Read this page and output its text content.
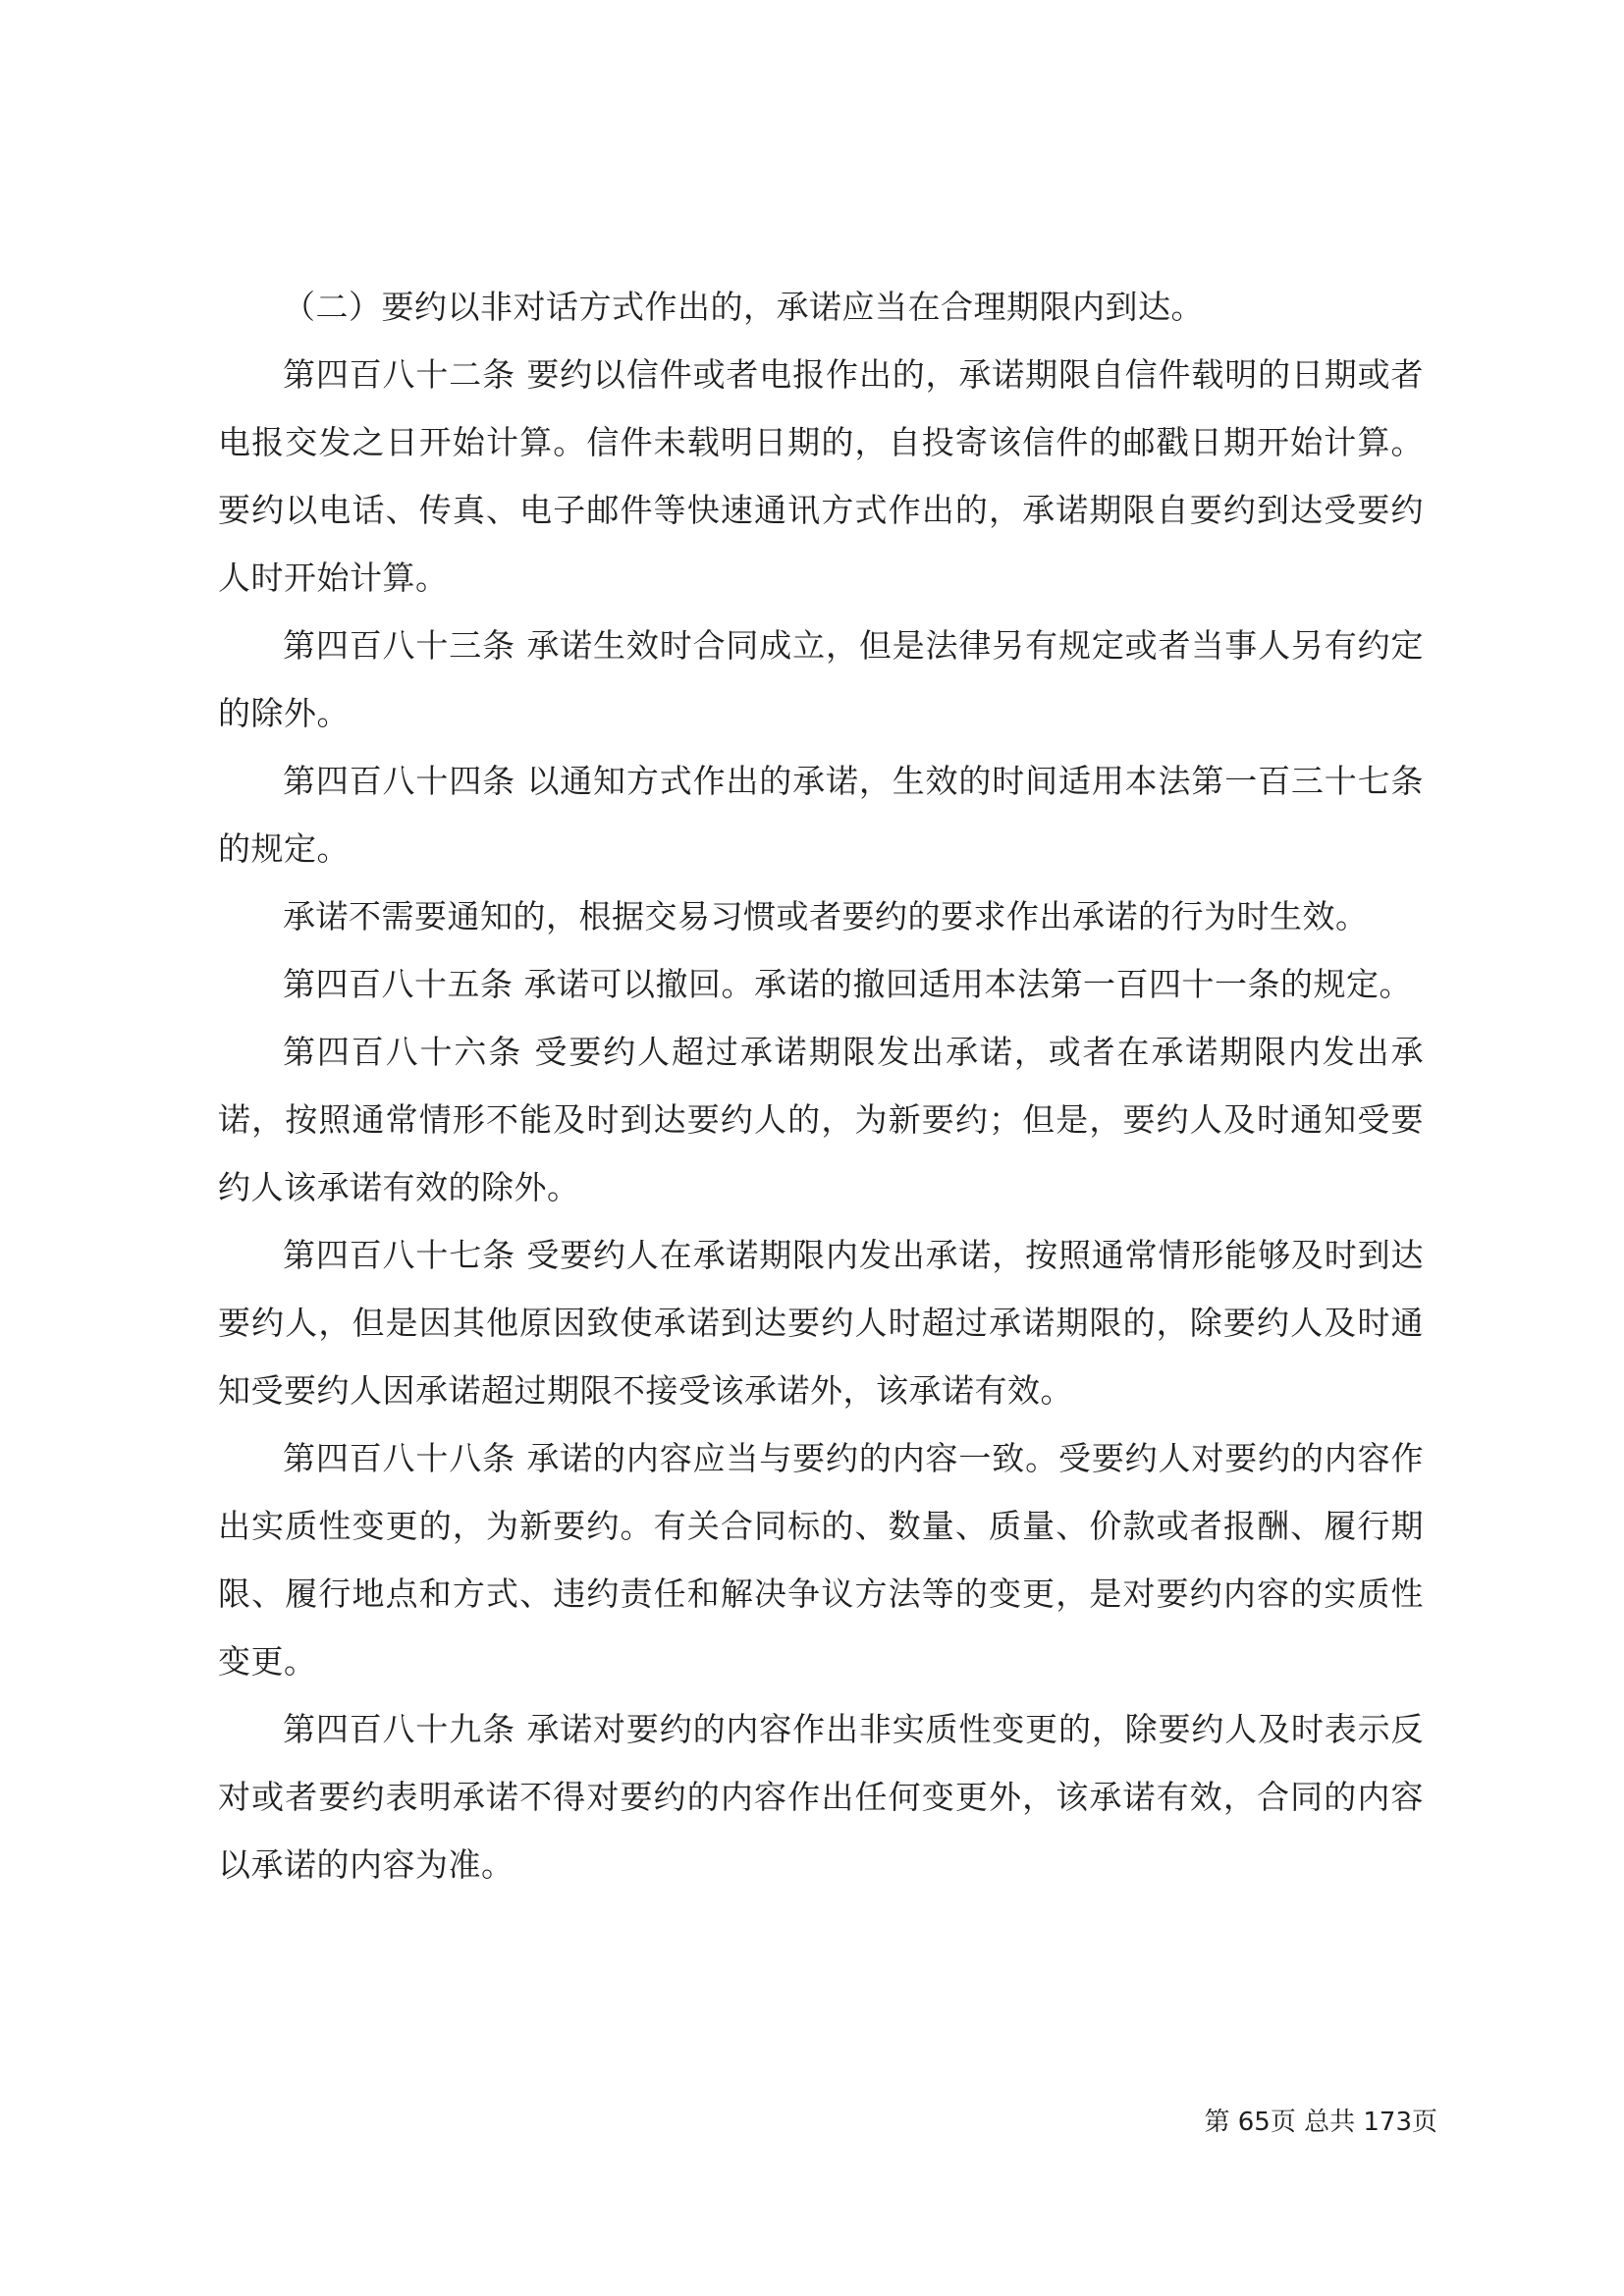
（二）要约以非对话方式作出的，承诺应当在合理期限内到达。

第四百八十二条 要约以信件或者电报作出的，承诺期限自信件载明的日期或者电报交发之日开始计算。信件未载明日期的，自投寄该信件的邮戳日期开始计算。要约以电话、传真、电子邮件等快速通讯方式作出的，承诺期限自要约到达受要约人时开始计算。

第四百八十三条 承诺生效时合同成立，但是法律另有规定或者当事人另有约定的除外。

第四百八十四条 以通知方式作出的承诺，生效的时间适用本法第一百三十七条的规定。

承诺不需要通知的，根据交易习惯或者要约的要求作出承诺的行为时生效。

第四百八十五条 承诺可以撤回。承诺的撤回适用本法第一百四十一条的规定。

第四百八十六条 受要约人超过承诺期限发出承诺，或者在承诺期限内发出承诺，按照通常情形不能及时到达要约人的，为新要约；但是，要约人及时通知受要约人该承诺有效的除外。

第四百八十七条 受要约人在承诺期限内发出承诺，按照通常情形能够及时到达要约人，但是因其他原因致使承诺到达要约人时超过承诺期限的，除要约人及时通知受要约人因承诺超过期限不接受该承诺外，该承诺有效。

第四百八十八条 承诺的内容应当与要约的内容一致。受要约人对要约的内容作出实质性变更的，为新要约。有关合同标的、数量、质量、价款或者报酬、履行期限、履行地点和方式、违约责任和解决争议方法等的变更，是对要约内容的实质性变更。

第四百八十九条 承诺对要约的内容作出非实质性变更的，除要约人及时表示反对或者要约表明承诺不得对要约的内容作出任何变更外，该承诺有效，合同的内容以承诺的内容为准。

第 65页 总共 173页
